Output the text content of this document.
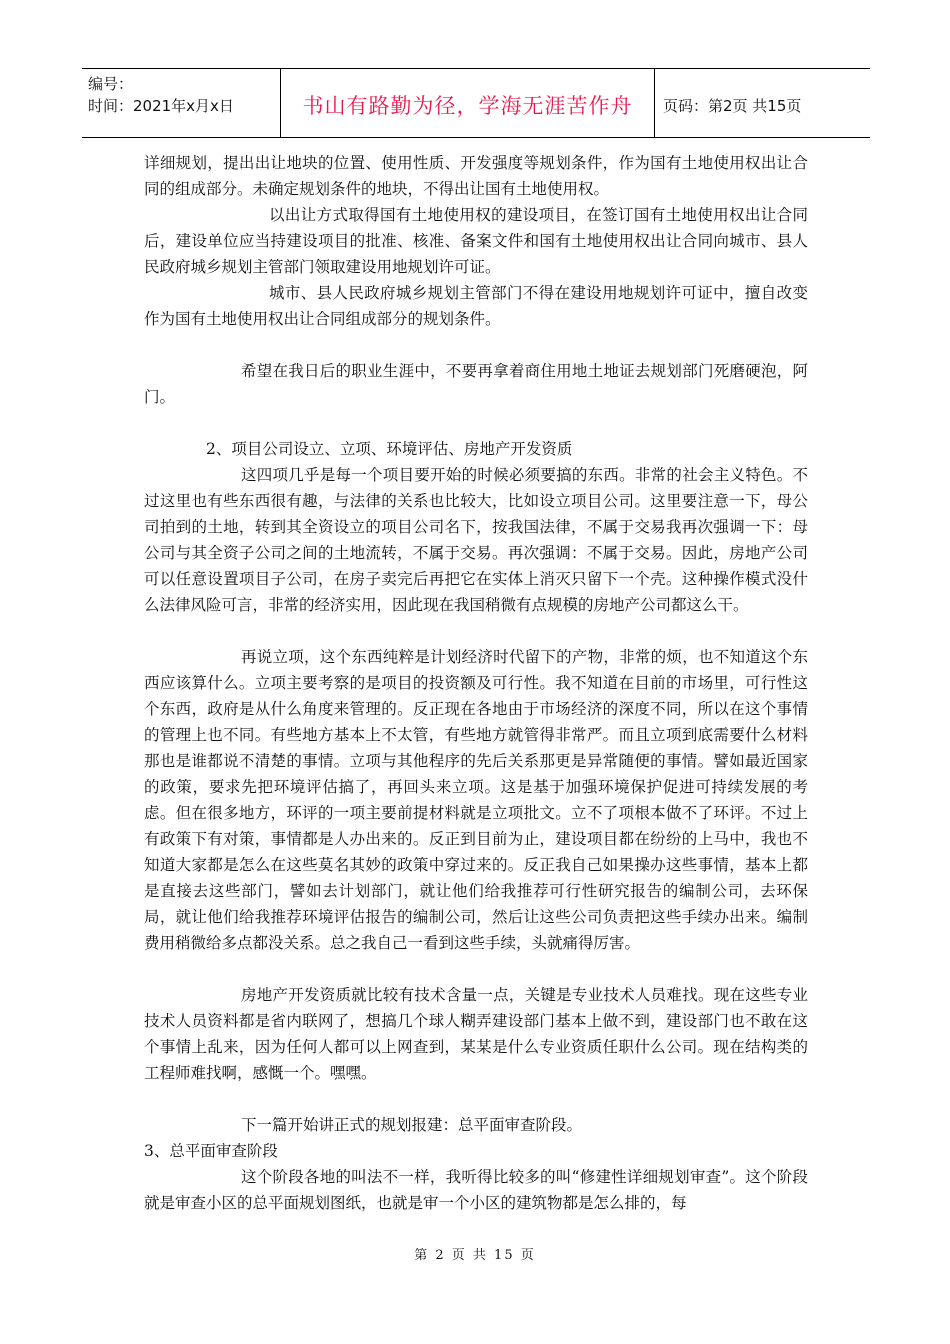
编号：
时间：2021年x月x日	书山有路勤为径，学海无涯苦作舟 页码：第2页 共15页

详细规划，提出出让地块的位置、使用性质、开发强度等规划条件，作为国有土地使用权出让合同的组成部分。未确定规划条件的地块，不得出让国有土地使用权。

以出让方式取得国有土地使用权的建设项目，在签订国有土地使用权出让合同后，建设单位应当持建设项目的批准、核准、备案文件和国有土地使用权出让合同向城市、县人民政府城乡规划主管部门领取建设用地规划许可证。

城市、县人民政府城乡规划主管部门不得在建设用地规划许可证中，擅自改变作为国有土地使用权出让合同组成部分的规划条件。

希望在我日后的职业生涯中，不要再拿着商住用地土地证去规划部门死磨硬泡，阿门。

2、项目公司设立、立项、环境评估、房地产开发资质

这四项几乎是每一个项目要开始的时候必须要搞的东西。非常的社会主义特色。不过这里也有些东西很有趣，与法律的关系也比较大，比如设立项目公司。这里要注意一下，母公司拍到的土地，转到其全资设立的项目公司名下，按我国法律，不属于交易我再次强调一下：母公司与其全资子公司之间的土地流转，不属于交易。再次强调：不属于交易。因此，房地产公司可以任意设置项目子公司，在房子卖完后再把它在实体上消灭只留下一个壳。这种操作模式没什么法律风险可言，非常的经济实用，因此现在我国稍微有点规模的房地产公司都这么干。

再说立项，这个东西纯粹是计划经济时代留下的产物，非常的烦，也不知道这个东西应该算什么。立项主要考察的是项目的投资额及可行性。我不知道在目前的市场里，可行性这个东西，政府是从什么角度来管理的。反正现在各地由于市场经济的深度不同，所以在这个事情的管理上也不同。有些地方基本上不太管，有些地方就管得非常严。而且立项到底需要什么材料那也是谁都说不清楚的事情。立项与其他程序的先后关系那更是异常随便的事情。譬如最近国家的政策，要求先把环境评估搞了，再回头来立项。这是基于加强环境保护促进可持续发展的考虑。但在很多地方，环评的一项主要前提材料就是立项批文。立不了项根本做不了环评。不过上有政策下有对策，事情都是人办出来的。反正到目前为止，建设项目都在纷纷的上马中，我也不知道大家都是怎么在这些莫名其妙的政策中穿过来的。反正我自己如果操办这些事情，基本上都是直接去这些部门，譬如去计划部门，就让他们给我推荐可行性研究报告的编制公司，去环保局，就让他们给我推荐环境评估报告的编制公司，然后让这些公司负责把这些手续办出来。编制费用稍微给多点都没关系。总之我自己一看到这些手续，头就痛得厉害。

房地产开发资质就比较有技术含量一点，关键是专业技术人员难找。现在这些专业技术人员资料都是省内联网了，想搞几个球人糊弄建设部门基本上做不到，建设部门也不敢在这个事情上乱来，因为任何人都可以上网查到，某某是什么专业资质任职什么公司。现在结构类的工程师难找啊，感慨一个。嘿嘿。

下一篇开始讲正式的规划报建：总平面审查阶段。

3、总平面审查阶段

这个阶段各地的叫法不一样，我听得比较多的叫“修建性详细规划审查”。这个阶段就是审查小区的总平面规划图纸，也就是审一个小区的建筑物都是怎么排的，每

第 2 页 共 15 页
